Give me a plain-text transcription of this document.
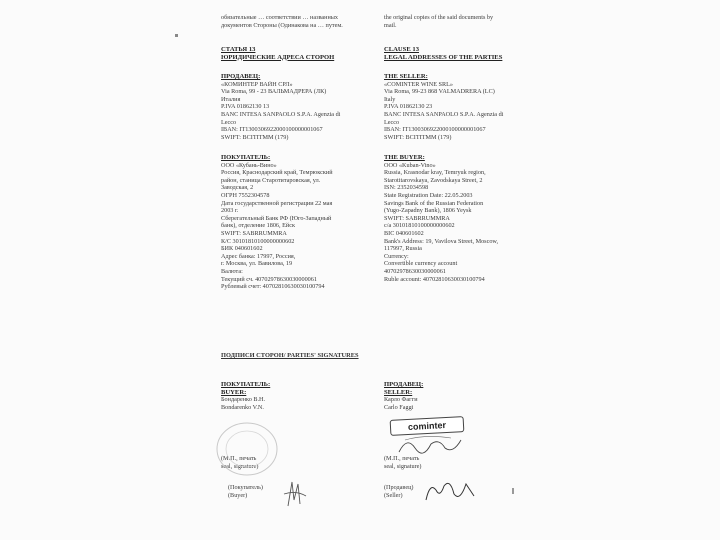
обязательные … соответствии … названных
документов Стороны (Одинакова на … путем.
the original copies of the said documents by
mail.
СТАТЬЯ 13
ЮРИДИЧЕСКИЕ АДРЕСА СТОРОН
CLAUSE 13
LEGAL ADDRESSES OF THE PARTIES
ПРОДАВЕЦ:
«КОМИНТЕР ВАЙН СРЛ»
Via Roma, 99 - 23 ВАЛЬМАДРЕРА (ЛК)
Италия
P.IVA 01862130 13
BANC INTESA SANPAOLO S.P.A. Agenzia di
Lecco
IBAN: IT1300306922000100000001067
SWIFT: BCITITMM (179)
THE SELLER:
«COMINTER WINE SRL»
Via Roma, 99-23 868 VALMADRERA (LC)
Italy
P.IVA 01862130 23
BANC INTESA SANPAOLO S.P.A. Agenzia di
Lecco
IBAN: IT1300306922000100000001067
SWIFT: BCITITMM (179)
ПОКУПАТЕЛЬ:
ООО «Кубань-Вино»
Россия, Краснодарский край, Темрюкский
район, станица Старотитаровская, ул.
Заводская, 2
ОГРН 7552304578
Дата государственной регистрации 22 мая
2003 г.
Сберегательный Банк РФ (Юго-Западный
банк), отделение 1806, Ейск
SWIFT: SABRRUMMRA
К/С 30101810100000000602
БИК 040601602
Адрес банка: 17997, Россия,
г. Москва, ул. Вавилова, 19
Валюта:
Текущий сч. 40702978630030000061
Рублевый счет: 40702810630030100794
THE BUYER:
OOO «Kuban-Vino»
Russia, Krasnodar kray, Temryuk region,
Starotitarovskaya, Zavodskaya Street, 2
ISN: 2352034598
State Registration Date: 22.05.2003
Savings Bank of the Russian Federation
(Yugo-Zapadny Bank), 1806 Yeysk
SWIFT: SABRRUMMRA
c/a 30101810100000000602
BIC 040601602
Bank's Address: 19, Vavilova Street, Moscow,
117997, Russia
Currency:
Convertible currency account
40702978630030000061
Ruble account: 40702810630030100794
ПОДПИСИ СТОРОН/ PARTIES' SIGNATURES
ПОКУПАТЕЛЬ:
BUYER:
Бондаренко В.Н.
Bondarenko V.N.
(М.П., печать
seal, signature)
(Покупатель)
(Buyer)
ПРОДАВЕЦ:
SELLER:
Карло Фагги
Carlo Faggi
cominter
(М.П., печать
seal, signature)
(Продавец)
(Seller)
